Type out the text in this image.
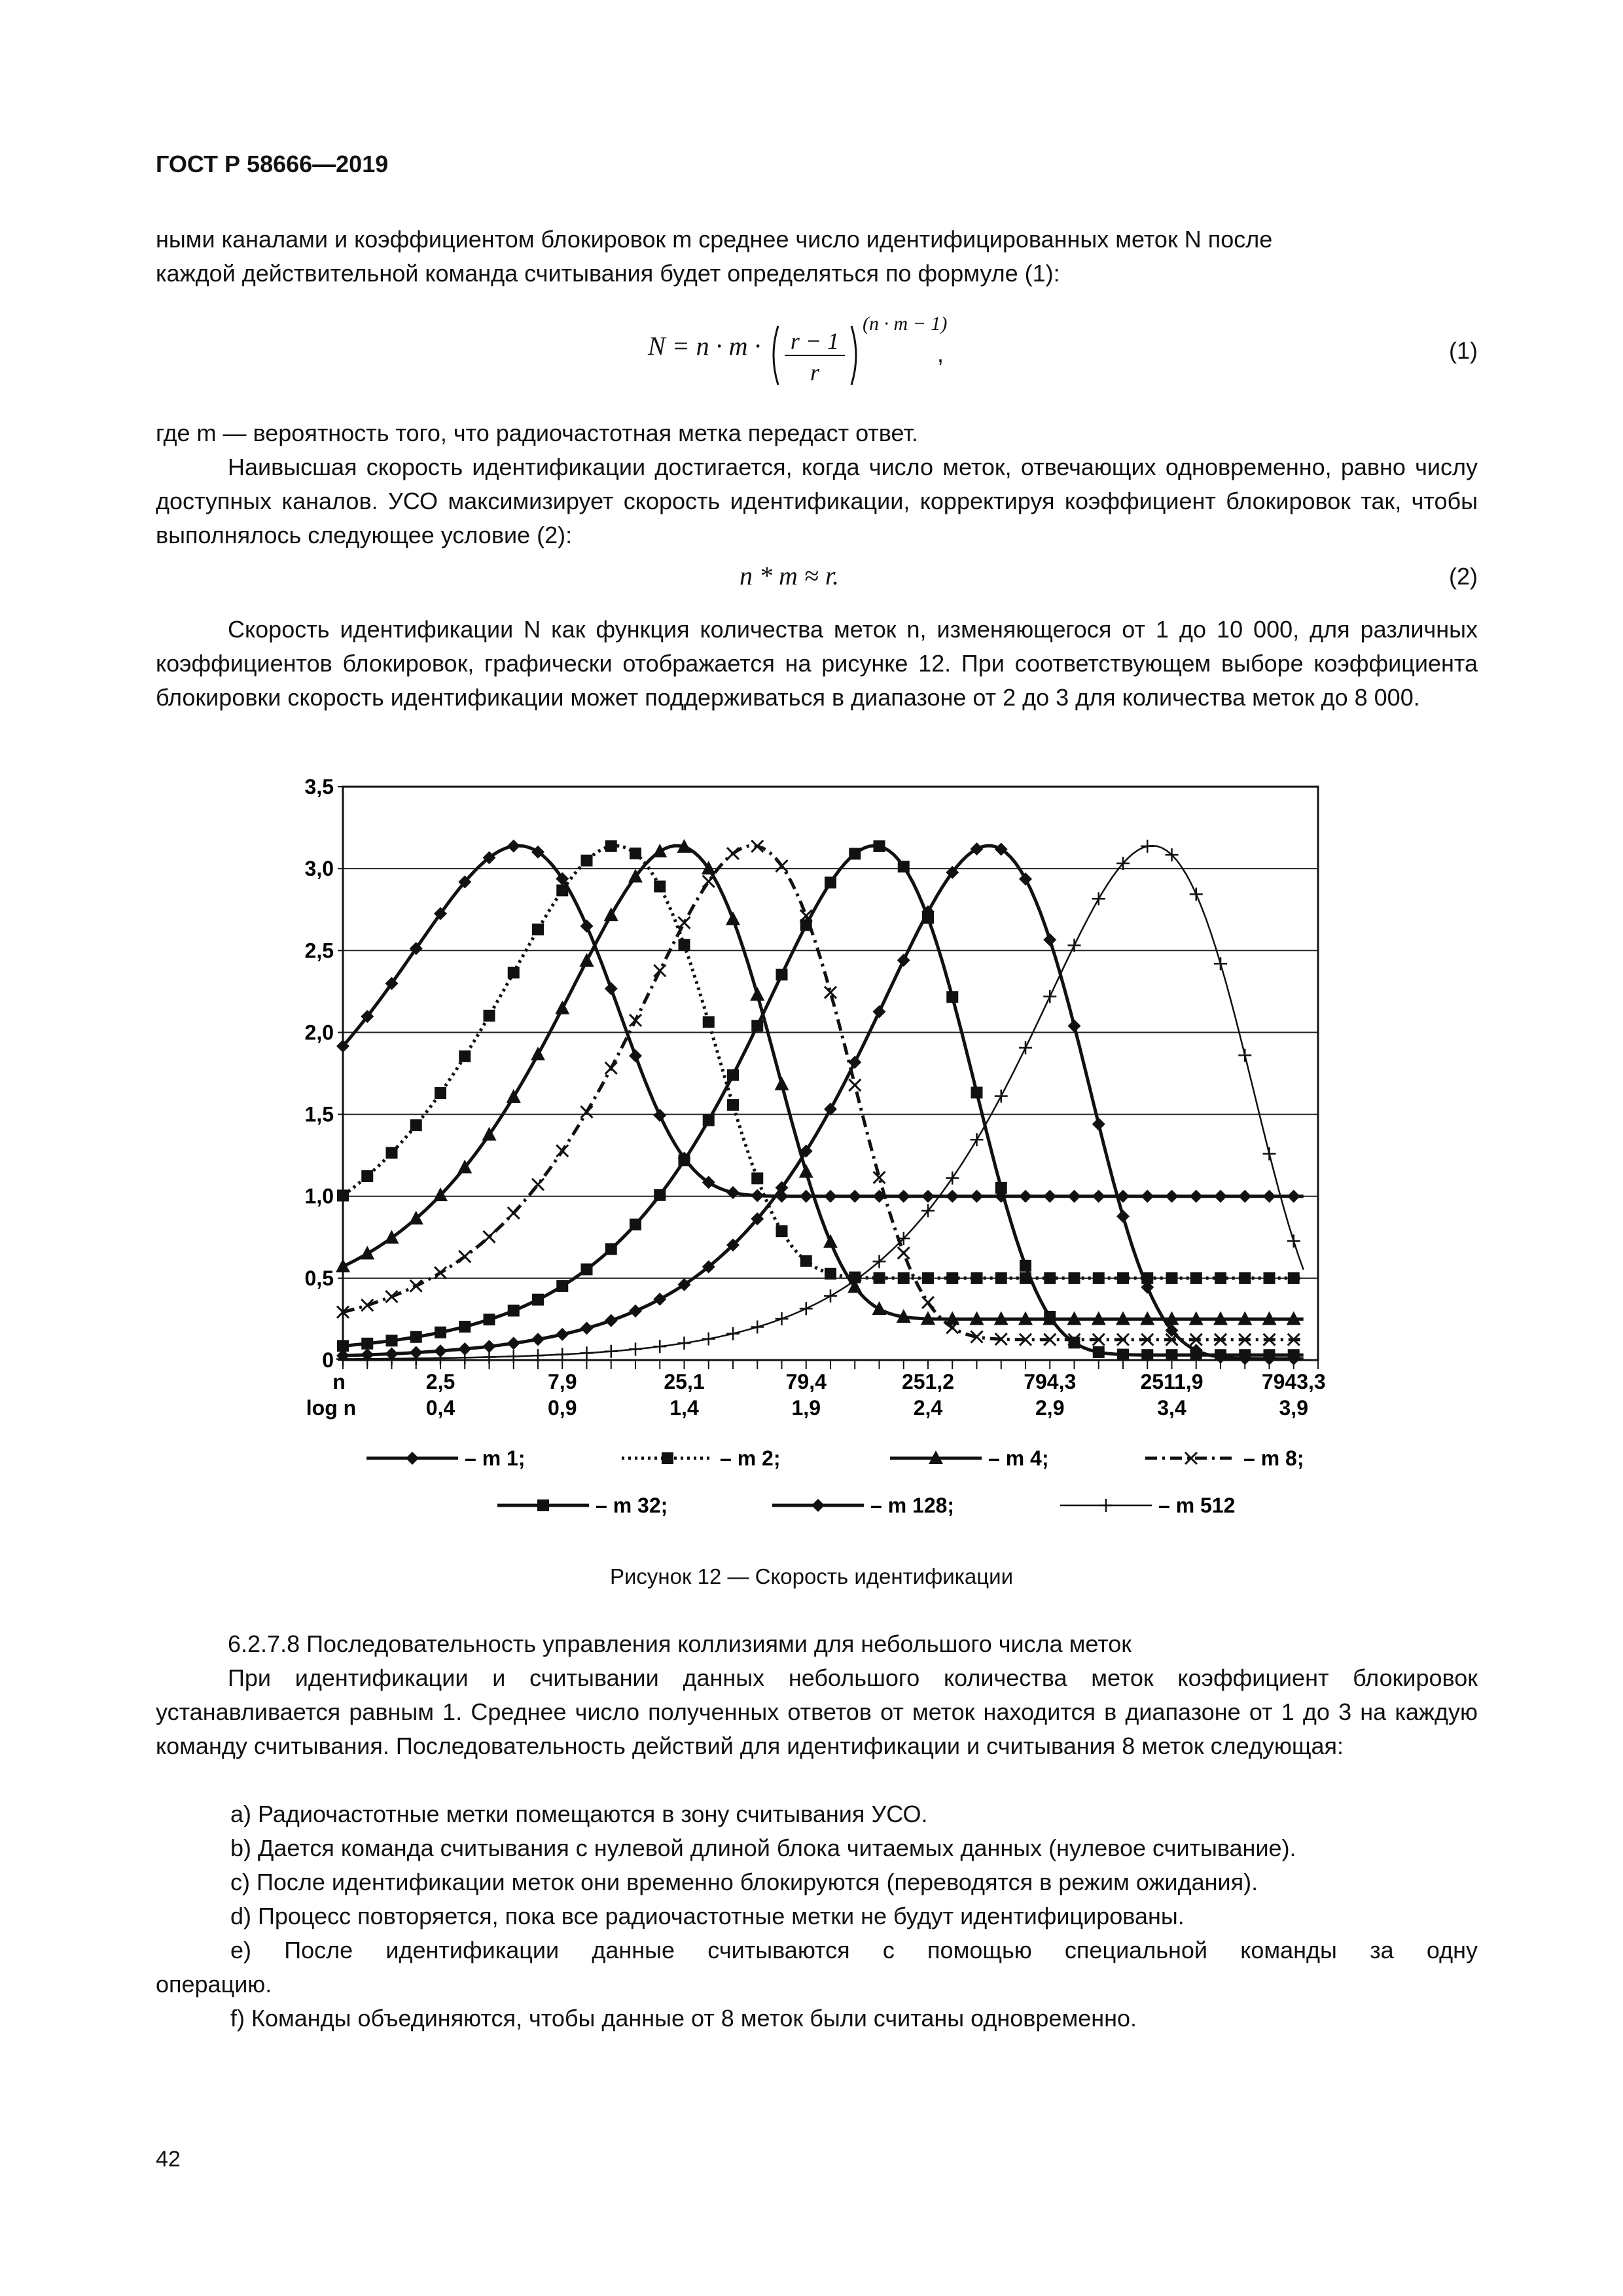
ГОСТ Р 58666—2019
ными каналами и коэффициентом блокировок m среднее число идентифицированных меток N после
каждой действительной команда считывания будет определяться по формуле (1):
N = n · m · r − 1
r
(n · m − 1)
,	(1)
где m — вероятность того, что радиочастотная метка передаст ответ.
Наивысшая скорость идентификации достигается, когда число меток, отвечающих одновременно, равно числу доступных каналов. УСО максимизирует скорость идентификации, корректируя коэффициент блокировок так, чтобы выполнялось следующее условие (2):
n * m ≈ r.	(2)
Скорость идентификации N как функция количества меток n, изменяющегося от 1 до 10 000, для различных коэффициентов блокировок, графически отображается на рисунке 12. При соответствующем выборе коэффициента блокировки скорость идентификации может поддерживаться в диапазоне от 2 до 3 для количества меток до 8 000.
0
0,5
1,0
1,5
2,0
2,5
3,0
3,5
n
log n
2,5
0,4
7,9
0,9
25,1
1,4
79,4
1,9
251,2
2,4
794,3
2,9
2511,9
3,4
7943,3
3,9
– m 1;	– m 2;	– m 4;	– m 8;
– m 32;	– m 128;	– m 512
Рисунок 12 — Скорость идентификации
6.2.7.8 Последовательность управления коллизиями для небольшого числа меток
При идентификации и считывании данных небольшого количества меток коэффициент блокировок устанавливается равным 1. Среднее число полученных ответов от меток находится в диапазоне от 1 до 3 на каждую команду считывания. Последовательность действий для идентификации и считывания 8 меток следующая:
a) Радиочастотные метки помещаются в зону считывания УСО.
b) Дается команда считывания с нулевой длиной блока читаемых данных (нулевое считывание).
c) После идентификации меток они временно блокируются (переводятся в режим ожидания).
d) Процесс повторяется, пока все радиочастотные метки не будут идентифицированы.
e) После идентификации данные считываются с помощью специальной команды за одну
операцию.
f) Команды объединяются, чтобы данные от 8 меток были считаны одновременно.
42
